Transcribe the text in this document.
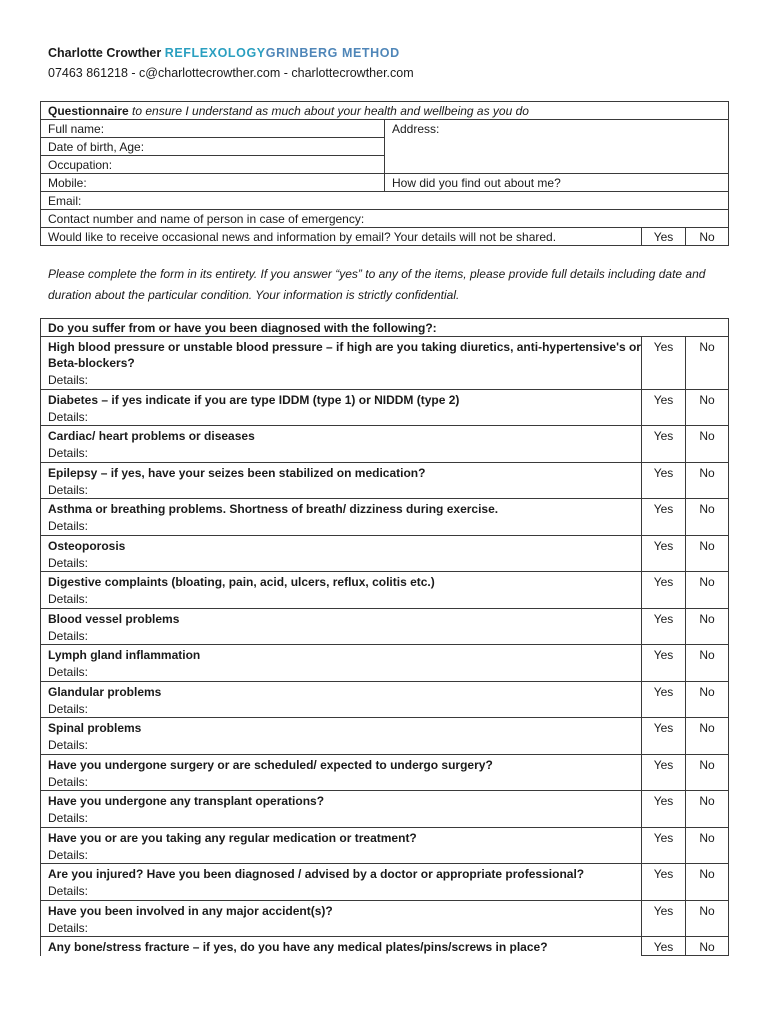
Charlotte Crowther REFLEXOLOGYGRINBERG METHOD
07463 861218 - c@charlottecrowther.com - charlottecrowther.com
Questionnaire to ensure I understand as much about your health and wellbeing as you do			
Full name:	Address:		
Date of birth, Age:			
Occupation:			
Mobile:	How did you find out about me?		
Email:			
Contact number and name of person in case of emergency:			
Would like to receive occasional news and information by email? Your details will not be shared.		Yes	No
Please complete the form in its entirety. If you answer “yes” to any of the items, please provide full details including date and duration about the particular condition. Your information is strictly confidential.
Do you suffer from or have you been diagnosed with the following?:		
High blood pressure or unstable blood pressure – if high are you taking diuretics, anti-hypertensive's or Beta-blockers?	Yes	No
Details:		
Diabetes – if yes indicate if you are type IDDM (type 1) or NIDDM (type 2)	Yes	No
Details:		
Cardiac/ heart problems or diseases	Yes	No
Details:		
Epilepsy – if yes, have your seizes been stabilized on medication?	Yes	No
Details:		
Asthma or breathing problems. Shortness of breath/ dizziness during exercise.	Yes	No
Details:		
Osteoporosis	Yes	No
Details:		
Digestive complaints (bloating, pain, acid, ulcers, reflux, colitis etc.)	Yes	No
Details:		
Blood vessel problems	Yes	No
Details:		
Lymph gland inflammation	Yes	No
Details:		
Glandular problems	Yes	No
Details:		
Spinal problems	Yes	No
Details:		
Have you undergone surgery or are scheduled/ expected to undergo surgery?	Yes	No
Details:		
Have you undergone any transplant operations?	Yes	No
Details:		
Have you or are you taking any regular medication or treatment?	Yes	No
Details:		
Are you injured? Have you been diagnosed / advised by a doctor or appropriate professional?	Yes	No
Details:		
Have you been involved in any major accident(s)?	Yes	No
Details:		
Any bone/stress fracture – if yes, do you have any medical plates/pins/screws in place?	Yes	No
